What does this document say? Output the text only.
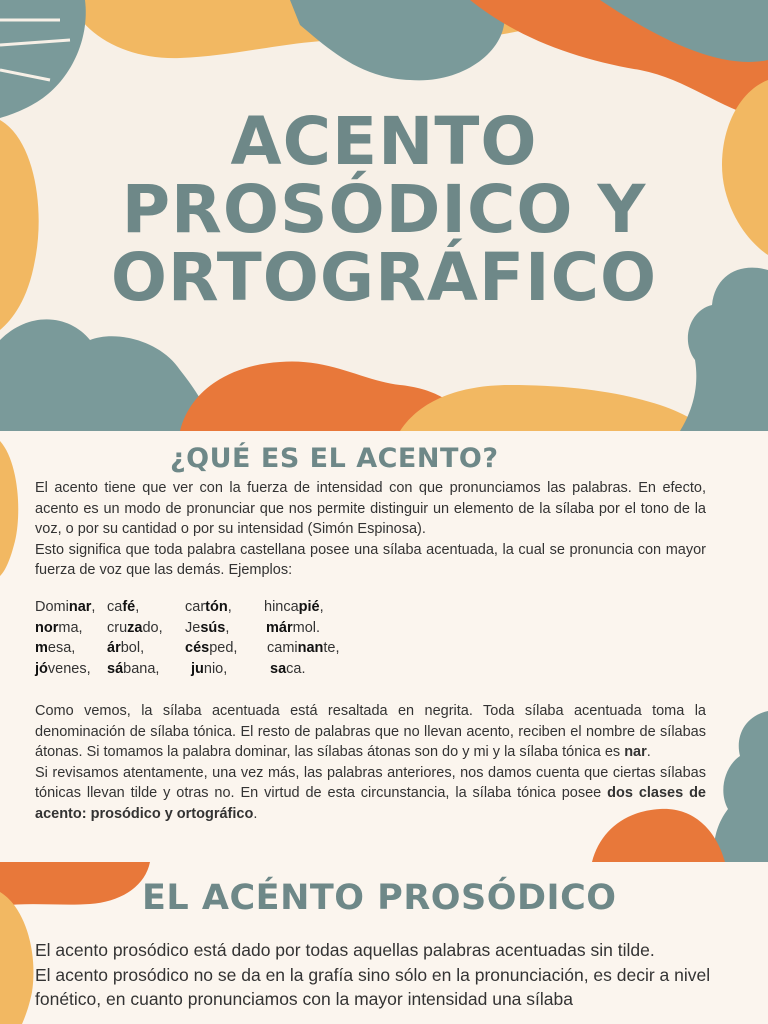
ACENTO
PROSÓDICO Y
ORTOGRÁFICO
¿QUÉ ES EL ACENTO?

El acento tiene que ver con la fuerza de intensidad con que pronunciamos las palabras. En efecto, acento es un modo de pronunciar que nos permite distinguir un elemento de la sílaba por el tono de la voz, o por su cantidad o por su intensidad (Simón Espinosa).

Esto significa que toda palabra castellana posee una sílaba acentuada, la cual se pronuncia con mayor fuerza de voz que las demás. Ejemplos:

Dominar,	café,	cartón,	hincapié,
norma,	cruzado,	Jesús,	mármol.
mesa,	árbol,	césped,	caminante,
jóvenes,	sábana,	junio,	saca.

Como vemos, la sílaba acentuada está resaltada en negrita. Toda sílaba acentuada toma la denominación de sílaba tónica. El resto de palabras que no llevan acento, reciben el nombre de sílabas átonas. Si tomamos la palabra dominar, las sílabas átonas son do y mi y la sílaba tónica es nar.

Si revisamos atentamente, una vez más, las palabras anteriores, nos damos cuenta que ciertas sílabas tónicas llevan tilde y otras no. En virtud de esta circunstancia, la sílaba tónica posee dos clases de acento: prosódico y ortográfico.

EL ACÉNTO PROSÓDICO

El acento prosódico está dado por todas aquellas palabras acentuadas sin tilde.

El acento prosódico no se da en la grafía sino sólo en la pronunciación, es decir a nivel fonético, en cuanto pronunciamos con la mayor intensidad una sílaba
